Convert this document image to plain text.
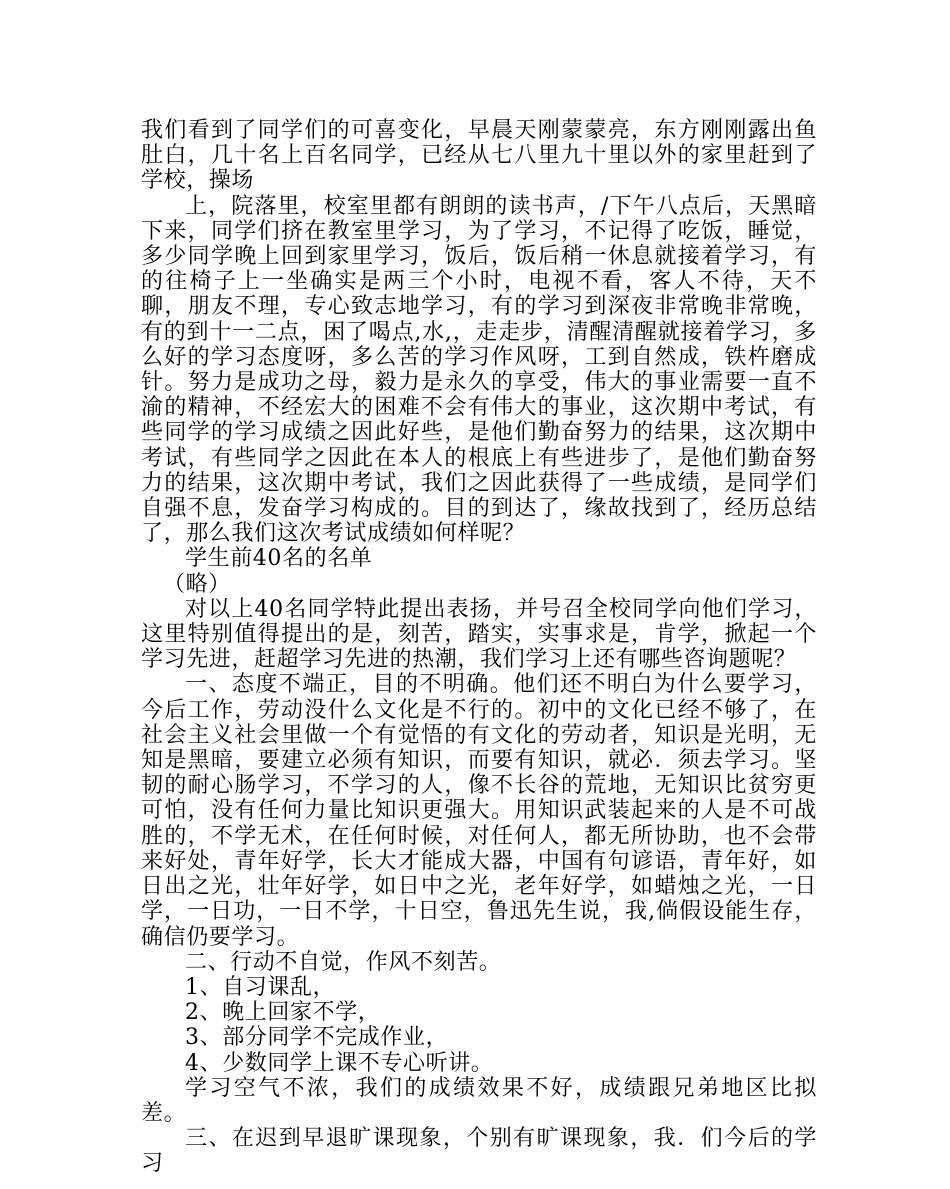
我们看到了同学们的可喜变化，早晨天刚蒙蒙亮，东方刚刚露出鱼肚白，几十名上百名同学，已经从七八里九十里以外的家里赶到了学校，操场

上，院落里，校室里都有朗朗的读书声，/下午八点后，天黑暗下来，同学们挤在教室里学习，为了学习，不记得了吃饭，睡觉，多少同学晚上回到家里学习，饭后，饭后稍一休息就接着学习，有的往椅子上一坐确实是两三个小时，电视不看，客人不待，天不聊，朋友不理，专心致志地学习，有的学习到深夜非常晚非常晚，有的到十一二点，困了喝点,水,，走走步，清醒清醒就接着学习，多么好的学习态度呀，多么苦的学习作风呀，工到自然成，铁杵磨成针。努力是成功之母，毅力是永久的享受，伟大的事业需要一直不渝的精神，不经宏大的困难不会有伟大的事业，这次期中考试，有些同学的学习成绩之因此好些，是他们勤奋努力的结果，这次期中考试，有些同学之因此在本人的根底上有些进步了，是他们勤奋努力的结果，这次期中考试，我们之因此获得了一些成绩，是同学们自强不息，发奋学习构成的。目的到达了，缘故找到了，经历总结了，那么我们这次考试成绩如何样呢？

学生前40名的名单

（略）

对以上40名同学特此提出表扬，并号召全校同学向他们学习，这里特别值得提出的是，刻苦，踏实，实事求是，肯学，掀起一个学习先进，赶超学习先进的热潮，我们学习上还有哪些咨询题呢？

一、态度不端正，目的不明确。他们还不明白为什么要学习，今后工作，劳动没什么文化是不行的。初中的文化已经不够了，在社会主义社会里做一个有觉悟的有文化的劳动者，知识是光明，无知是黑暗，要建立必须有知识，而要有知识，就必．须去学习。坚韧的耐心肠学习，不学习的人，像不长谷的荒地，无知识比贫穷更可怕，没有任何力量比知识更强大。用知识武装起来的人是不可战胜的，不学无术，在任何时候，对任何人，都无所协助，也不会带来好处，青年好学，长大才能成大器，中国有句谚语，青年好，如日出之光，壮年好学，如日中之光，老年好学，如蜡烛之光，一日学，一日功，一日不学，十日空，鲁迅先生说，我,倘假设能生存，确信仍要学习。

二、行动不自觉，作风不刻苦。

1、自习课乱，

2、晚上回家不学，

3、部分同学不完成作业，

4、少数同学上课不专心听讲。

学习空气不浓，我们的成绩效果不好，成绩跟兄弟地区比拟差。

三、在迟到早退旷课现象，个别有旷课现象，我．们今后的学习
